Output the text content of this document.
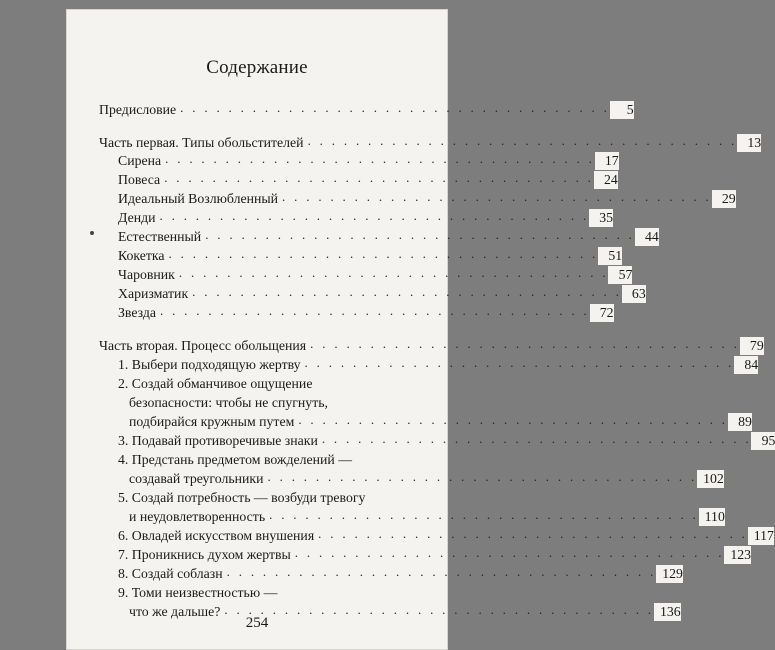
Содержание
Предисловие . . . . . . . . . . . . . . . . . . . . . . . . . . . . . . . . . . . .	5
Часть первая. Типы обольстителей . . . . . . . . . . . . . . . . . . . . . . . . . . . . . . . . . . . . 13
Сирена . . . . . . . . . . . . . . . . . . . . . . . . . . . . . . . . . . . . 17
Повеса . . . . . . . . . . . . . . . . . . . . . . . . . . . . . . . . . . . . 24
Идеальный Возлюбленный . . . . . . . . . . . . . . . . . . . . . . . . . . . . . . . . . . . . 29
Денди . . . . . . . . . . . . . . . . . . . . . . . . . . . . . . . . . . . . 35
Естественный . . . . . . . . . . . . . . . . . . . . . . . . . . . . . . . . . . . . 44
Кокетка . . . . . . . . . . . . . . . . . . . . . . . . . . . . . . . . . . . . 51
Чаровник . . . . . . . . . . . . . . . . . . . . . . . . . . . . . . . . . . . . 57
Харизматик . . . . . . . . . . . . . . . . . . . . . . . . . . . . . . . . . . . . 63
Звезда . . . . . . . . . . . . . . . . . . . . . . . . . . . . . . . . . . . . 72
Часть вторая. Процесс обольщения . . . . . . . . . . . . . . . . . . . . . . . . . . . . . . . . . . . . 79
1. Выбери подходящую жертву . . . . . . . . . . . . . . . . . . . . . . . . . . . . . . . . . . . . 84
2. Создай обманчивое ощущение
безопасности: чтобы не спугнуть,
подбирайся кружным путем . . . . . . . . . . . . . . . . . . . . . . . . . . . . . . . . . . . . 89
3. Подавай противоречивые знаки . . . . . . . . . . . . . . . . . . . . . . . . . . . . . . . . . . . . 95
4. Предстань предметом вожделений —
создавай треугольники . . . . . . . . . . . . . . . . . . . . . . . . . . . . . . . . . . . . 102
5. Создай потребность — возбуди тревогу
и неудовлетворенность . . . . . . . . . . . . . . . . . . . . . . . . . . . . . . . . . . . . 110
6. Овладей искусством внушения . . . . . . . . . . . . . . . . . . . . . . . . . . . . . . . . . . . . 117
7. Проникнись духом жертвы . . . . . . . . . . . . . . . . . . . . . . . . . . . . . . . . . . . . 123
8. Создай соблазн . . . . . . . . . . . . . . . . . . . . . . . . . . . . . . . . . . . . 129
9. Томи неизвестностью —
что же дальше? . . . . . . . . . . . . . . . . . . . . . . . . . . . . . . . . . . . . 136
254
